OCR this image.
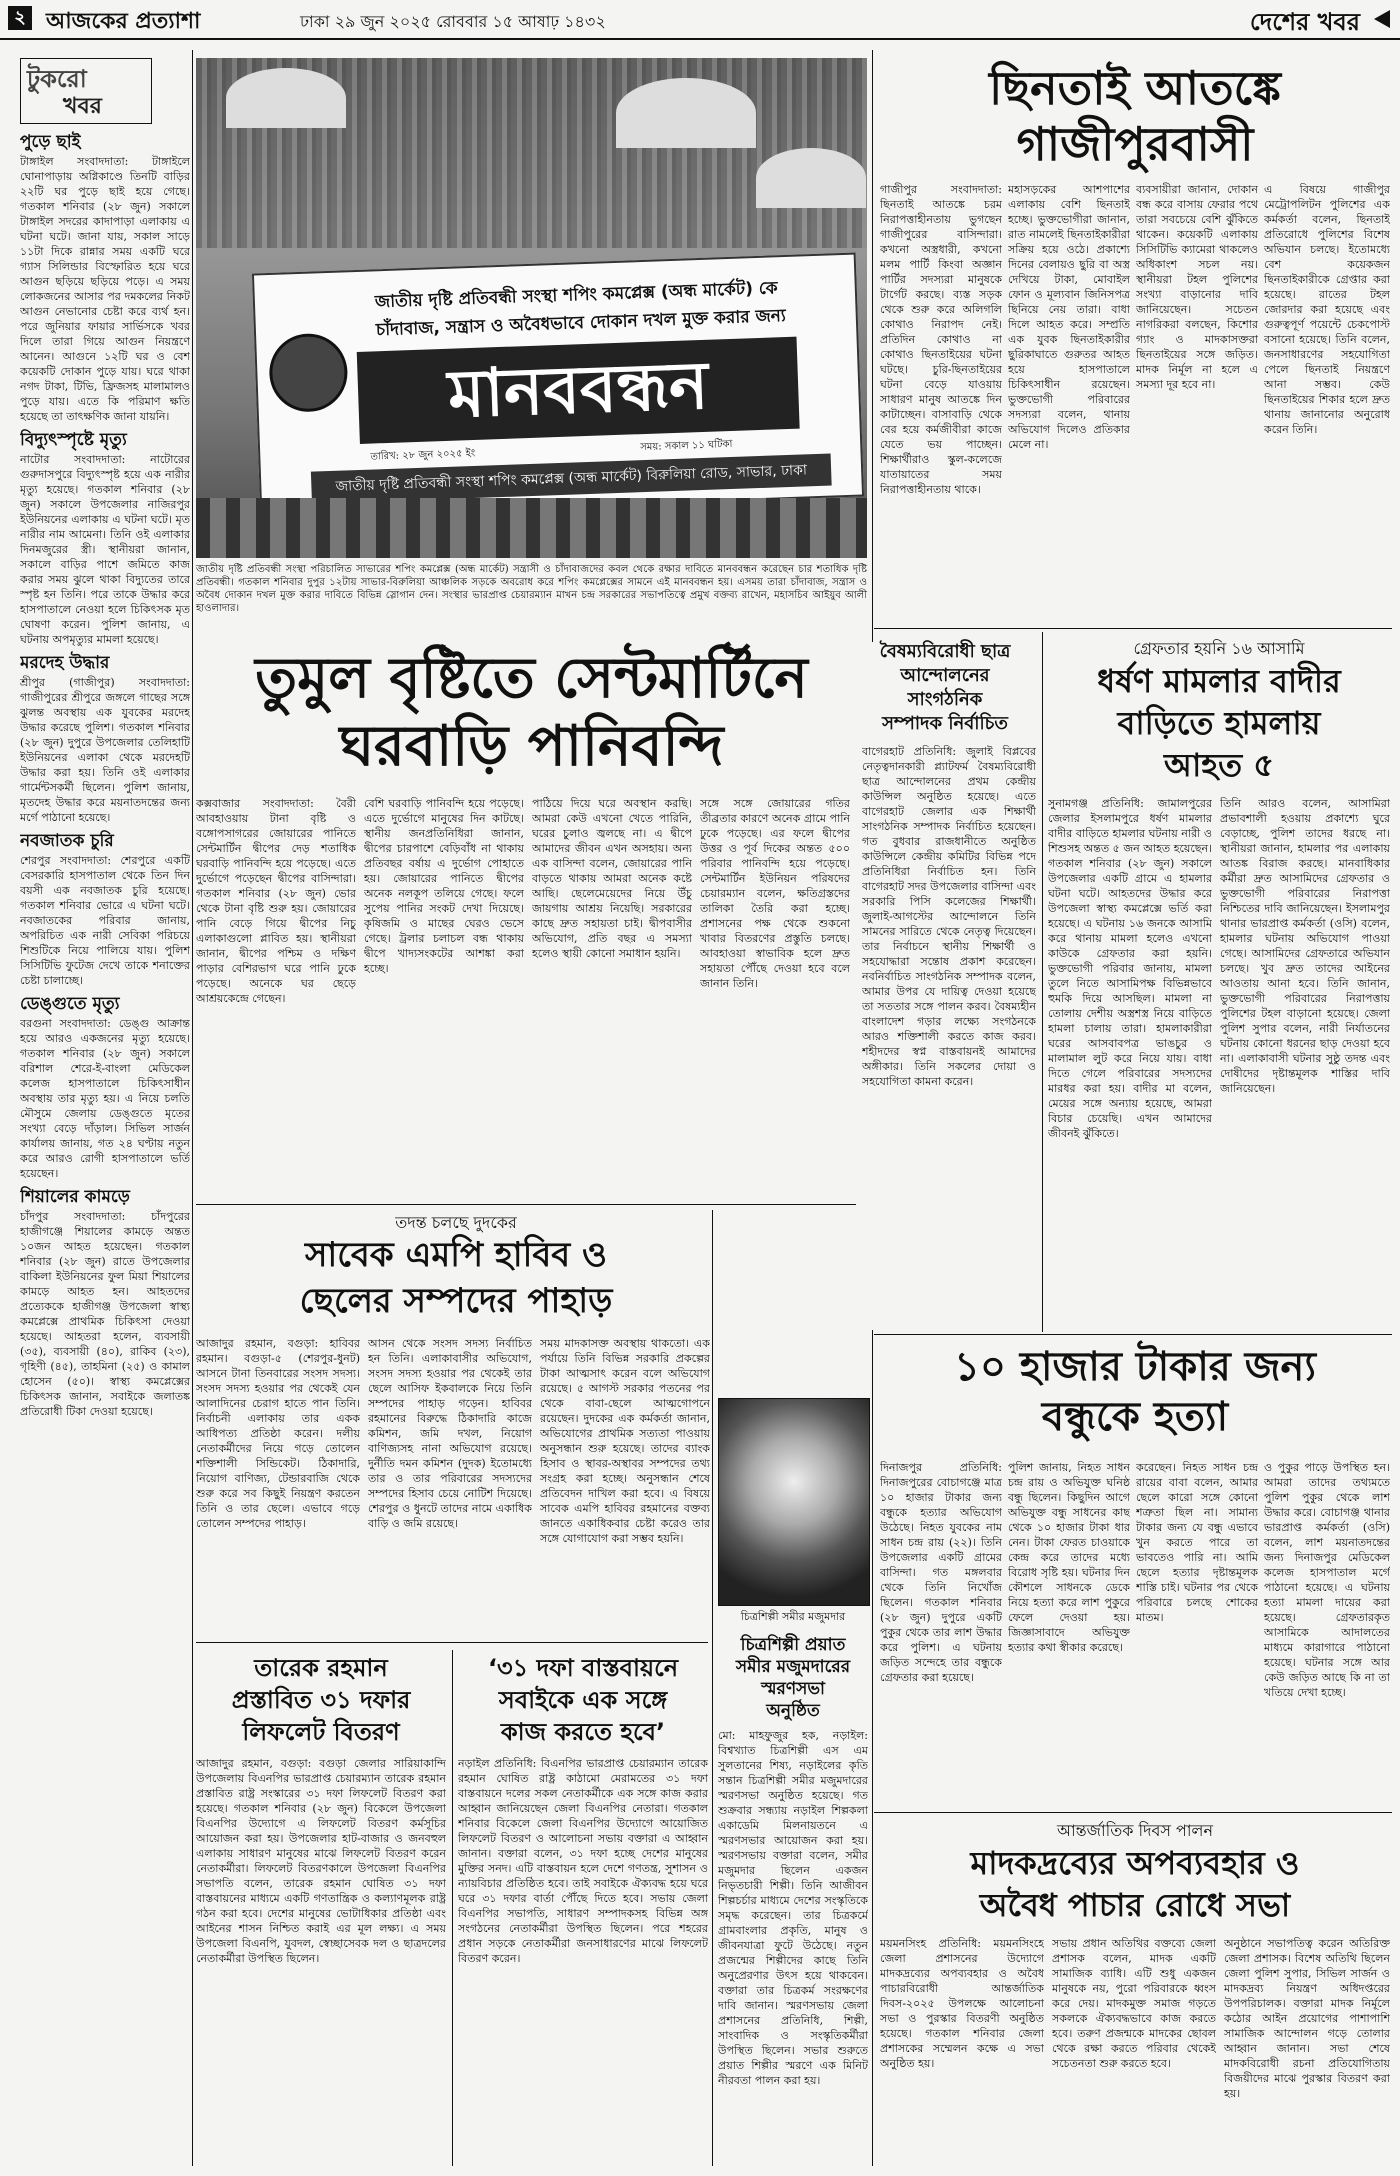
২ আজকের প্রত্যাশা	ঢাকা ২৯ জুন ২০২৫ রোববার ১৫ আষাঢ় ১৪৩২	দেশের খবর
টুকরো
খবর
পুড়ে ছাই

টাঙ্গাইল সংবাদদাতা: টাঙ্গাইলে ঘোনাপাড়ায় অগ্নিকাণ্ডে তিনটি বাড়ির ২২টি ঘর পুড়ে ছাই হয়ে গেছে। গতকাল শনিবার (২৮ জুন) সকালে টাঙ্গাইল সদরের কাদাপাড়া এলাকায় এ ঘটনা ঘটে। জানা যায়, সকাল সাড়ে ১১টা দিকে রান্নার সময় একটি ঘরে গ্যাস সিলিন্ডার বিস্ফোরিত হয়ে ঘরে আগুন ছড়িয়ে ছড়িয়ে পড়ে। এ সময় লোকজনের আসার পর দমকলের নিকট আগুন নেভানোর চেষ্টা করে ব্যর্থ হন। পরে জুনিয়ার ফায়ার সার্ভিসকে খবর দিলে তারা গিয়ে আগুন নিয়ন্ত্রণে আনেন। আগুনে ১২টি ঘর ও বেশ কয়েকটি দোকান পুড়ে যায়। ঘরে থাকা নগদ টাকা, টিভি, ফ্রিজসহ মালামালও পুড়ে যায়। এতে কি পরিমাণ ক্ষতি হয়েছে তা তাৎক্ষণিক জানা যায়নি।

বিদ্যুৎস্পৃষ্টে মৃত্যু

নাটোর সংবাদদাতা: নাটোরের গুরুদাসপুরে বিদ্যুৎস্পৃষ্ট হয়ে এক নারীর মৃত্যু হয়েছে। গতকাল শনিবার (২৮ জুন) সকালে উপজেলার নাজিরপুর ইউনিয়নের এলাকায় এ ঘটনা ঘটে। মৃত নারীর নাম আমেনা। তিনি ওই এলাকার দিনমজুরের স্ত্রী। স্থানীয়রা জানান, সকালে বাড়ির পাশে জমিতে কাজ করার সময় ঝুলে থাকা বিদ্যুতের তারে স্পৃষ্ট হন তিনি। পরে তাকে উদ্ধার করে হাসপাতালে নেওয়া হলে চিকিৎসক মৃত ঘোষণা করেন। পুলিশ জানায়, এ ঘটনায় অপমৃত্যুর মামলা হয়েছে।

মরদেহ উদ্ধার

শ্রীপুর (গাজীপুর) সংবাদদাতা: গাজীপুরের শ্রীপুরে জঙ্গলে গাছের সঙ্গে ঝুলন্ত অবস্থায় এক যুবকের মরদেহ উদ্ধার করেছে পুলিশ। গতকাল শনিবার (২৮ জুন) দুপুরে উপজেলার তেলিহাটি ইউনিয়নের এলাকা থেকে মরদেহটি উদ্ধার করা হয়। তিনি ওই এলাকার গার্মেন্টসকর্মী ছিলেন। পুলিশ জানায়, মৃতদেহ উদ্ধার করে ময়নাতদন্তের জন্য মর্গে পাঠানো হয়েছে।

নবজাতক চুরি

শেরপুর সংবাদদাতা: শেরপুরে একটি বেসরকারি হাসপাতাল থেকে তিন দিন বয়সী এক নবজাতক চুরি হয়েছে। গতকাল শনিবার ভোরে এ ঘটনা ঘটে। নবজাতকের পরিবার জানায়, অপরিচিত এক নারী সেবিকা পরিচয়ে শিশুটিকে নিয়ে পালিয়ে যায়। পুলিশ সিসিটিভি ফুটেজ দেখে তাকে শনাক্তের চেষ্টা চালাচ্ছে।

ডেঙ্গুতে মৃত্যু

বরগুনা সংবাদদাতা: ডেঙ্গু আক্রান্ত হয়ে আরও একজনের মৃত্যু হয়েছে। গতকাল শনিবার (২৮ জুন) সকালে বরিশাল শেরে-ই-বাংলা মেডিকেল কলেজ হাসপাতালে চিকিৎসাধীন অবস্থায় তার মৃত্যু হয়। এ নিয়ে চলতি মৌসুমে জেলায় ডেঙ্গুতে মৃতের সংখ্যা বেড়ে দাঁড়াল। সিভিল সার্জন কার্যালয় জানায়, গত ২৪ ঘণ্টায় নতুন করে আরও রোগী হাসপাতালে ভর্তি হয়েছেন।

শিয়ালের কামড়ে

চাঁদপুর সংবাদদাতা: চাঁদপুরের হাজীগঞ্জে শিয়ালের কামড়ে অন্তত ১০জন আহত হয়েছেন। গতকাল শনিবার (২৮ জুন) রাতে উপজেলার বাকিলা ইউনিয়নের ফুল মিয়া শিয়ালের কামড়ে আহত হন। আহতদের প্রত্যেককে হাজীগঞ্জ উপজেলা স্বাস্থ্য কমপ্লেক্সে প্রাথমিক চিকিৎসা দেওয়া হয়েছে। আহতরা হলেন, ব্যবসায়ী (৩৫), ব্যবসায়ী (৪০), রাকিব (২৩), গৃহিণী (৪৫), তাহমিনা (২৫) ও কামাল হোসেন (৫০)। স্বাস্থ্য কমপ্লেক্সের চিকিৎসক জানান, সবাইকে জলাতঙ্ক প্রতিরোধী টিকা দেওয়া হয়েছে।

জাতীয় দৃষ্টি প্রতিবন্ধী সংস্থা শপিং কমপ্লেক্স (অন্ধ মার্কেট) কে
চাঁদাবাজ, সন্ত্রাস ও অবৈধভাবে দোকান দখল মুক্ত করার জন্য
মানববন্ধন
তারিখ: ২৮ জুন ২০২৫ ইং
সময়: সকাল ১১ ঘটিকা
জাতীয় দৃষ্টি প্রতিবন্ধী সংস্থা শপিং কমপ্লেক্স (অন্ধ মার্কেট) বিরুলিয়া রোড, সাভার, ঢাকা
জাতীয় দৃষ্টি প্রতিবন্ধী সংস্থা পরিচালিত সাভারের শপিং কমপ্লেক্স (অন্ধ মার্কেট) সন্ত্রাসী ও চাঁদাবাজদের কবল থেকে রক্ষার দাবিতে মানববন্ধন করেছেন চার শতাধিক দৃষ্টি প্রতিবন্ধী। গতকাল শনিবার দুপুর ১২টায় সাভার-বিরুলিয়া আঞ্চলিক সড়কে অবরোধ করে শপিং কমপ্লেক্সের সামনে এই মানববন্ধন হয়। এসময় তারা চাঁদাবাজ, সন্ত্রাস ও অবৈধ দোকান দখল মুক্ত করার দাবিতে বিভিন্ন স্লোগান দেন। সংস্থার ভারপ্রাপ্ত চেয়ারম্যান মাখন চন্দ্র সরকারের সভাপতিত্বে প্রমুখ বক্তব্য রাখেন, মহাসচিব আইয়ুব আলী হাওলাদার।
ছিনতাই আতঙ্কে গাজীপুরবাসী
গাজীপুর সংবাদদাতা: ছিনতাই আতঙ্কে চরম নিরাপত্তাহীনতায় ভুগছেন গাজীপুরের বাসিন্দারা। কখনো অস্ত্রধারী, কখনো মলম পার্টি কিংবা অজ্ঞান পার্টির সদস্যরা মানুষকে টার্গেট করছে। ব্যস্ত সড়ক থেকে শুরু করে অলিগলি কোথাও নিরাপদ নেই। প্রতিদিন কোথাও না কোথাও ছিনতাইয়ের ঘটনা ঘটছে। চুরি-ছিনতাইয়ের ঘটনা বেড়ে যাওয়ায় সাধারণ মানুষ আতঙ্কে দিন কাটাচ্ছেন। বাসাবাড়ি থেকে বের হয়ে কর্মজীবীরা কাজে যেতে ভয় পাচ্ছেন। শিক্ষার্থীরাও স্কুল-কলেজে যাতায়াতের সময় নিরাপত্তাহীনতায় থাকে।
মহাসড়কের আশপাশের এলাকায় বেশি ছিনতাই হচ্ছে। ভুক্তভোগীরা জানান, রাত নামলেই ছিনতাইকারীরা সক্রিয় হয়ে ওঠে। প্রকাশ্যে দিনের বেলায়ও ছুরি বা অস্ত্র দেখিয়ে টাকা, মোবাইল ফোন ও মূল্যবান জিনিসপত্র ছিনিয়ে নেয় তারা। বাধা দিলে আহত করে। সম্প্রতি এক যুবক ছিনতাইকারীর ছুরিকাঘাতে গুরুতর আহত হয়ে হাসপাতালে চিকিৎসাধীন রয়েছেন। ভুক্তভোগী পরিবারের সদস্যরা বলেন, থানায় অভিযোগ দিলেও প্রতিকার মেলে না।
ব্যবসায়ীরা জানান, দোকান বন্ধ করে বাসায় ফেরার পথে তারা সবচেয়ে বেশি ঝুঁকিতে থাকেন। কয়েকটি এলাকায় সিসিটিভি ক্যামেরা থাকলেও অধিকাংশ সচল নয়। স্থানীয়রা টহল পুলিশের সংখ্যা বাড়ানোর দাবি জানিয়েছেন। সচেতন নাগরিকরা বলছেন, কিশোর গ্যাং ও মাদকাসক্তরা ছিনতাইয়ের সঙ্গে জড়িত। মাদক নির্মূল না হলে এ সমস্যা দূর হবে না।
এ বিষয়ে গাজীপুর মেট্রোপলিটন পুলিশের এক কর্মকর্তা বলেন, ছিনতাই প্রতিরোধে পুলিশের বিশেষ অভিযান চলছে। ইতোমধ্যে বেশ কয়েকজন ছিনতাইকারীকে গ্রেপ্তার করা হয়েছে। রাতের টহল জোরদার করা হয়েছে এবং গুরুত্বপূর্ণ পয়েন্টে চেকপোস্ট বসানো হয়েছে। তিনি বলেন, জনসাধারণের সহযোগিতা পেলে ছিনতাই নিয়ন্ত্রণে আনা সম্ভব। কেউ ছিনতাইয়ের শিকার হলে দ্রুত থানায় জানানোর অনুরোধ করেন তিনি।
তুমুল বৃষ্টিতে সেন্টমার্টিনে
ঘরবাড়ি পানিবন্দি
কক্সবাজার সংবাদদাতা: বৈরী আবহাওয়ায় টানা বৃষ্টি ও বঙ্গোপসাগরের জোয়ারের পানিতে সেন্টমার্টিন দ্বীপের দেড় শতাধিক ঘরবাড়ি পানিবন্দি হয়ে পড়েছে। এতে দুর্ভোগে পড়েছেন দ্বীপের বাসিন্দারা। গতকাল শনিবার (২৮ জুন) ভোর থেকে টানা বৃষ্টি শুরু হয়। জোয়ারের পানি বেড়ে গিয়ে দ্বীপের নিচু এলাকাগুলো প্লাবিত হয়। স্থানীয়রা জানান, দ্বীপের পশ্চিম ও দক্ষিণ পাড়ার বেশিরভাগ ঘরে পানি ঢুকে পড়েছে। অনেকে ঘর ছেড়ে আশ্রয়কেন্দ্রে গেছেন।
বেশি ঘরবাড়ি পানিবন্দি হয়ে পড়েছে। এতে দুর্ভোগে মানুষের দিন কাটছে। স্থানীয় জনপ্রতিনিধিরা জানান, দ্বীপের চারপাশে বেড়িবাঁধ না থাকায় প্রতিবছর বর্ষায় এ দুর্ভোগ পোহাতে হয়। জোয়ারের পানিতে দ্বীপের অনেক নলকূপ তলিয়ে গেছে। ফলে সুপেয় পানির সংকট দেখা দিয়েছে। কৃষিজমি ও মাছের ঘেরও ভেসে গেছে। ট্রলার চলাচল বন্ধ থাকায় দ্বীপে খাদ্যসংকটের আশঙ্কা করা হচ্ছে।
পাঠিয়ে দিয়ে ঘরে অবস্থান করছি। আমরা কেউ এখনো খেতে পারিনি, ঘরের চুলাও জ্বলছে না। এ দ্বীপে আমাদের জীবন এখন অসহায়। অন্য এক বাসিন্দা বলেন, জোয়ারের পানি বাড়তে থাকায় আমরা অনেক কষ্টে আছি। ছেলেমেয়েদের নিয়ে উঁচু জায়গায় আশ্রয় নিয়েছি। সরকারের কাছে দ্রুত সহায়তা চাই। দ্বীপবাসীর অভিযোগ, প্রতি বছর এ সমস্যা হলেও স্থায়ী কোনো সমাধান হয়নি।
সঙ্গে সঙ্গে জোয়ারের গতির তীব্রতার কারণে অনেক গ্রামে পানি ঢুকে পড়েছে। এর ফলে দ্বীপের উত্তর ও পূর্ব দিকের অন্তত ৫০০ পরিবার পানিবন্দি হয়ে পড়েছে। সেন্টমার্টিন ইউনিয়ন পরিষদের চেয়ারম্যান বলেন, ক্ষতিগ্রস্তদের তালিকা তৈরি করা হচ্ছে। প্রশাসনের পক্ষ থেকে শুকনো খাবার বিতরণের প্রস্তুতি চলছে। আবহাওয়া স্বাভাবিক হলে দ্রুত সহায়তা পৌঁছে দেওয়া হবে বলে জানান তিনি।
বৈষম্যবিরোধী ছাত্র
আন্দোলনের
সাংগঠনিক
সম্পাদক নির্বাচিত
বাগেরহাট প্রতিনিধি: জুলাই বিপ্লবের নেতৃত্বদানকারী প্ল্যাটফর্ম বৈষম্যবিরোধী ছাত্র আন্দোলনের প্রথম কেন্দ্রীয় কাউন্সিল অনুষ্ঠিত হয়েছে। এতে বাগেরহাট জেলার এক শিক্ষার্থী সাংগঠনিক সম্পাদক নির্বাচিত হয়েছেন। গত বুধবার রাজধানীতে অনুষ্ঠিত কাউন্সিলে কেন্দ্রীয় কমিটির বিভিন্ন পদে প্রতিনিধিরা নির্বাচিত হন। তিনি বাগেরহাট সদর উপজেলার বাসিন্দা এবং সরকারি পিসি কলেজের শিক্ষার্থী। জুলাই-আগস্টের আন্দোলনে তিনি সামনের সারিতে থেকে নেতৃত্ব দিয়েছেন। তার নির্বাচনে স্থানীয় শিক্ষার্থী ও সহযোদ্ধারা সন্তোষ প্রকাশ করেছেন। নবনির্বাচিত সাংগঠনিক সম্পাদক বলেন, আমার উপর যে দায়িত্ব দেওয়া হয়েছে তা সততার সঙ্গে পালন করব। বৈষম্যহীন বাংলাদেশ গড়ার লক্ষ্যে সংগঠনকে আরও শক্তিশালী করতে কাজ করব। শহীদদের স্বপ্ন বাস্তবায়নই আমাদের অঙ্গীকার। তিনি সকলের দোয়া ও সহযোগিতা কামনা করেন।
গ্রেফতার হয়নি ১৬ আসামি
ধর্ষণ মামলার বাদীর
বাড়িতে হামলায়
আহত ৫
সুনামগঞ্জ প্রতিনিধি: জামালপুরের জেলার ইসলামপুরে ধর্ষণ মামলার বাদীর বাড়িতে হামলার ঘটনায় নারী ও শিশুসহ অন্তত ৫ জন আহত হয়েছেন। গতকাল শনিবার (২৮ জুন) সকালে উপজেলার একটি গ্রামে এ হামলার ঘটনা ঘটে। আহতদের উদ্ধার করে উপজেলা স্বাস্থ্য কমপ্লেক্সে ভর্তি করা হয়েছে। এ ঘটনায় ১৬ জনকে আসামি করে থানায় মামলা হলেও এখনো কাউকে গ্রেফতার করা হয়নি। ভুক্তভোগী পরিবার জানায়, মামলা তুলে নিতে আসামিপক্ষ বিভিন্নভাবে হুমকি দিয়ে আসছিল। মামলা না তোলায় দেশীয় অস্ত্রশস্ত্র নিয়ে বাড়িতে হামলা চালায় তারা। হামলাকারীরা ঘরের আসবাবপত্র ভাঙচুর ও মালামাল লুট করে নিয়ে যায়। বাধা দিতে গেলে পরিবারের সদস্যদের মারধর করা হয়। বাদীর মা বলেন, মেয়ের সঙ্গে অন্যায় হয়েছে, আমরা বিচার চেয়েছি। এখন আমাদের জীবনই ঝুঁকিতে।
তিনি আরও বলেন, আসামিরা প্রভাবশালী হওয়ায় প্রকাশ্যে ঘুরে বেড়াচ্ছে, পুলিশ তাদের ধরছে না। স্থানীয়রা জানান, হামলার পর এলাকায় আতঙ্ক বিরাজ করছে। মানবাধিকার কর্মীরা দ্রুত আসামিদের গ্রেফতার ও ভুক্তভোগী পরিবারের নিরাপত্তা নিশ্চিতের দাবি জানিয়েছেন। ইসলামপুর থানার ভারপ্রাপ্ত কর্মকর্তা (ওসি) বলেন, হামলার ঘটনায় অভিযোগ পাওয়া গেছে। আসামিদের গ্রেফতারে অভিযান চলছে। খুব দ্রুত তাদের আইনের আওতায় আনা হবে। তিনি জানান, ভুক্তভোগী পরিবারের নিরাপত্তায় পুলিশের টহল বাড়ানো হয়েছে। জেলা পুলিশ সুপার বলেন, নারী নির্যাতনের ঘটনায় কোনো ধরনের ছাড় দেওয়া হবে না। এলাকাবাসী ঘটনার সুষ্ঠু তদন্ত এবং দোষীদের দৃষ্টান্তমূলক শাস্তির দাবি জানিয়েছেন।
তদন্ত চলছে দুদকের
সাবেক এমপি হাবিব ও
ছেলের সম্পদের পাহাড়
আজাদুর রহমান, বগুড়া: হাবিবর রহমান। বগুড়া-৫ (শেরপুর-ধুনট) আসনে টানা তিনবারের সংসদ সদস্য। সংসদ সদস্য হওয়ার পর থেকেই যেন আলাদিনের চেরাগ হাতে পান তিনি। নির্বাচনী এলাকায় তার একক আধিপত্য প্রতিষ্ঠা করেন। দলীয় নেতাকর্মীদের নিয়ে গড়ে তোলেন শক্তিশালী সিন্ডিকেট। ঠিকাদারি, নিয়োগ বাণিজ্য, টেন্ডারবাজি থেকে শুরু করে সব কিছুই নিয়ন্ত্রণ করতেন তিনি ও তার ছেলে। এভাবে গড়ে তোলেন সম্পদের পাহাড়।
আসন থেকে সংসদ সদস্য নির্বাচিত হন তিনি। এলাকাবাসীর অভিযোগ, সংসদ সদস্য হওয়ার পর থেকেই তার ছেলে আসিফ ইকবালকে নিয়ে তিনি সম্পদের পাহাড় গড়েন। হাবিবর রহমানের বিরুদ্ধে ঠিকাদারি কাজে কমিশন, জমি দখল, নিয়োগ বাণিজ্যসহ নানা অভিযোগ রয়েছে। দুর্নীতি দমন কমিশন (দুদক) ইতোমধ্যে তার ও তার পরিবারের সদস্যদের সম্পদের হিসাব চেয়ে নোটিশ দিয়েছে। শেরপুর ও ধুনটে তাদের নামে একাধিক বাড়ি ও জমি রয়েছে।
সময় মাদকাসক্ত অবস্থায় থাকতো। এক পর্যায়ে তিনি বিভিন্ন সরকারি প্রকল্পের টাকা আত্মসাৎ করেন বলে অভিযোগ রয়েছে। ৫ আগস্ট সরকার পতনের পর থেকে বাবা-ছেলে আত্মগোপনে রয়েছেন। দুদকের এক কর্মকর্তা জানান, অভিযোগের প্রাথমিক সত্যতা পাওয়ায় অনুসন্ধান শুরু হয়েছে। তাদের ব্যাংক হিসাব ও স্থাবর-অস্থাবর সম্পদের তথ্য সংগ্রহ করা হচ্ছে। অনুসন্ধান শেষে প্রতিবেদন দাখিল করা হবে। এ বিষয়ে সাবেক এমপি হাবিবর রহমানের বক্তব্য জানতে একাধিকবার চেষ্টা করেও তার সঙ্গে যোগাযোগ করা সম্ভব হয়নি।
চিত্রশিল্পী সমীর মজুমদার
চিত্রশিল্পী প্রয়াত
সমীর মজুমদারের
স্মরণসভা
অনুষ্ঠিত
মো: মাহফুজুর হক, নড়াইল: বিশ্বখ্যাত চিত্রশিল্পী এস এম সুলতানের শিষ্য, নড়াইলের কৃতি সন্তান চিত্রশিল্পী সমীর মজুমদারের স্মরণসভা অনুষ্ঠিত হয়েছে। গত শুক্রবার সন্ধ্যায় নড়াইল শিল্পকলা একাডেমি মিলনায়তনে এ স্মরণসভার আয়োজন করা হয়। স্মরণসভায় বক্তারা বলেন, সমীর মজুমদার ছিলেন একজন নিভৃতচারী শিল্পী। তিনি আজীবন শিল্পচর্চার মাধ্যমে দেশের সংস্কৃতিকে সমৃদ্ধ করেছেন। তার চিত্রকর্মে গ্রামবাংলার প্রকৃতি, মানুষ ও জীবনযাত্রা ফুটে উঠেছে। নতুন প্রজন্মের শিল্পীদের কাছে তিনি অনুপ্রেরণার উৎস হয়ে থাকবেন। বক্তারা তার চিত্রকর্ম সংরক্ষণের দাবি জানান। স্মরণসভায় জেলা প্রশাসনের প্রতিনিধি, শিল্পী, সাংবাদিক ও সংস্কৃতিকর্মীরা উপস্থিত ছিলেন। সভার শুরুতে প্রয়াত শিল্পীর স্মরণে এক মিনিট নীরবতা পালন করা হয়।
তারেক রহমান
প্রস্তাবিত ৩১ দফার
লিফলেট বিতরণ
আজাদুর রহমান, বগুড়া: বগুড়া জেলার সারিয়াকান্দি উপজেলায় বিএনপির ভারপ্রাপ্ত চেয়ারম্যান তারেক রহমান প্রস্তাবিত রাষ্ট্র সংস্কারের ৩১ দফা লিফলেট বিতরণ করা হয়েছে। গতকাল শনিবার (২৮ জুন) বিকেলে উপজেলা বিএনপির উদ্যোগে এ লিফলেট বিতরণ কর্মসূচির আয়োজন করা হয়। উপজেলার হাট-বাজার ও জনবহুল এলাকায় সাধারণ মানুষের মাঝে লিফলেট বিতরণ করেন নেতাকর্মীরা। লিফলেট বিতরণকালে উপজেলা বিএনপির সভাপতি বলেন, তারেক রহমান ঘোষিত ৩১ দফা বাস্তবায়নের মাধ্যমে একটি গণতান্ত্রিক ও কল্যাণমূলক রাষ্ট্র গঠন করা হবে। দেশের মানুষের ভোটাধিকার প্রতিষ্ঠা এবং আইনের শাসন নিশ্চিত করাই এর মূল লক্ষ্য। এ সময় উপজেলা বিএনপি, যুবদল, স্বেচ্ছাসেবক দল ও ছাত্রদলের নেতাকর্মীরা উপস্থিত ছিলেন।
‘৩১ দফা বাস্তবায়নে
সবাইকে এক সঙ্গে
কাজ করতে হবে’
নড়াইল প্রতিনিধি: বিএনপির ভারপ্রাপ্ত চেয়ারম্যান তারেক রহমান ঘোষিত রাষ্ট্র কাঠামো মেরামতের ৩১ দফা বাস্তবায়নে দলের সকল নেতাকর্মীকে এক সঙ্গে কাজ করার আহ্বান জানিয়েছেন জেলা বিএনপির নেতারা। গতকাল শনিবার বিকেলে জেলা বিএনপির উদ্যোগে আয়োজিত লিফলেট বিতরণ ও আলোচনা সভায় বক্তারা এ আহ্বান জানান। বক্তারা বলেন, ৩১ দফা হচ্ছে দেশের মানুষের মুক্তির সনদ। এটি বাস্তবায়ন হলে দেশে গণতন্ত্র, সুশাসন ও ন্যায়বিচার প্রতিষ্ঠিত হবে। তাই সবাইকে ঐক্যবদ্ধ হয়ে ঘরে ঘরে ৩১ দফার বার্তা পৌঁছে দিতে হবে। সভায় জেলা বিএনপির সভাপতি, সাধারণ সম্পাদকসহ বিভিন্ন অঙ্গ সংগঠনের নেতাকর্মীরা উপস্থিত ছিলেন। পরে শহরের প্রধান সড়কে নেতাকর্মীরা জনসাধারণের মাঝে লিফলেট বিতরণ করেন।
১০ হাজার টাকার জন্য
বন্ধুকে হত্যা
দিনাজপুর প্রতিনিধি: দিনাজপুরের বোচাগঞ্জে মাত্র ১০ হাজার টাকার জন্য বন্ধুকে হত্যার অভিযোগ উঠেছে। নিহত যুবকের নাম সাধন চন্দ্র রায় (২২)। তিনি উপজেলার একটি গ্রামের বাসিন্দা। গত মঙ্গলবার থেকে তিনি নিখোঁজ ছিলেন। গতকাল শনিবার (২৮ জুন) দুপুরে একটি পুকুর থেকে তার লাশ উদ্ধার করে পুলিশ। এ ঘটনায় জড়িত সন্দেহে তার বন্ধুকে গ্রেফতার করা হয়েছে।
পুলিশ জানায়, নিহত সাধন চন্দ্র রায় ও অভিযুক্ত ঘনিষ্ঠ বন্ধু ছিলেন। কিছুদিন আগে অভিযুক্ত বন্ধু সাধনের কাছ থেকে ১০ হাজার টাকা ধার নেন। টাকা ফেরত চাওয়াকে কেন্দ্র করে তাদের মধ্যে বিরোধ সৃষ্টি হয়। ঘটনার দিন কৌশলে সাধনকে ডেকে নিয়ে হত্যা করে লাশ পুকুরে ফেলে দেওয়া হয়। জিজ্ঞাসাবাদে অভিযুক্ত হত্যার কথা স্বীকার করেছে।
করেছেন। নিহত সাধন চন্দ্র রায়ের বাবা বলেন, আমার ছেলে কারো সঙ্গে কোনো শত্রুতা ছিল না। সামান্য টাকার জন্য যে বন্ধু এভাবে খুন করতে পারে তা ভাবতেও পারি না। আমি ছেলে হত্যার দৃষ্টান্তমূলক শাস্তি চাই। ঘটনার পর থেকে পরিবারে চলছে শোকের মাতম।
ও পুকুর পাড়ে উপস্থিত হন। আমরা তাদের তথ্যমতে পুলিশ পুকুর থেকে লাশ উদ্ধার করে। বোচাগঞ্জ থানার ভারপ্রাপ্ত কর্মকর্তা (ওসি) বলেন, লাশ ময়নাতদন্তের জন্য দিনাজপুর মেডিকেল কলেজ হাসপাতাল মর্গে পাঠানো হয়েছে। এ ঘটনায় হত্যা মামলা দায়ের করা হয়েছে। গ্রেফতারকৃত আসামিকে আদালতের মাধ্যমে কারাগারে পাঠানো হয়েছে। ঘটনার সঙ্গে আর কেউ জড়িত আছে কি না তা খতিয়ে দেখা হচ্ছে।
আন্তর্জাতিক দিবস পালন
মাদকদ্রব্যের অপব্যবহার ও
অবৈধ পাচার রোধে সভা
ময়মনসিংহ প্রতিনিধি: ময়মনসিংহে জেলা প্রশাসনের উদ্যোগে মাদকদ্রব্যের অপব্যবহার ও অবৈধ পাচারবিরোধী আন্তর্জাতিক দিবস-২০২৫ উপলক্ষে আলোচনা সভা ও পুরস্কার বিতরণী অনুষ্ঠিত হয়েছে। গতকাল শনিবার জেলা প্রশাসকের সম্মেলন কক্ষে এ সভা অনুষ্ঠিত হয়।
সভায় প্রধান অতিথির বক্তব্যে জেলা প্রশাসক বলেন, মাদক একটি সামাজিক ব্যাধি। এটি শুধু একজন মানুষকে নয়, পুরো পরিবারকে ধ্বংস করে দেয়। মাদকমুক্ত সমাজ গড়তে সকলকে ঐক্যবদ্ধভাবে কাজ করতে হবে। তরুণ প্রজন্মকে মাদকের ছোবল থেকে রক্ষা করতে পরিবার থেকেই সচেতনতা শুরু করতে হবে।
অনুষ্ঠানে সভাপতিত্ব করেন অতিরিক্ত জেলা প্রশাসক। বিশেষ অতিথি ছিলেন জেলা পুলিশ সুপার, সিভিল সার্জন ও মাদকদ্রব্য নিয়ন্ত্রণ অধিদপ্তরের উপপরিচালক। বক্তারা মাদক নির্মূলে কঠোর আইন প্রয়োগের পাশাপাশি সামাজিক আন্দোলন গড়ে তোলার আহ্বান জানান। সভা শেষে মাদকবিরোধী রচনা প্রতিযোগিতায় বিজয়ীদের মাঝে পুরস্কার বিতরণ করা হয়।
